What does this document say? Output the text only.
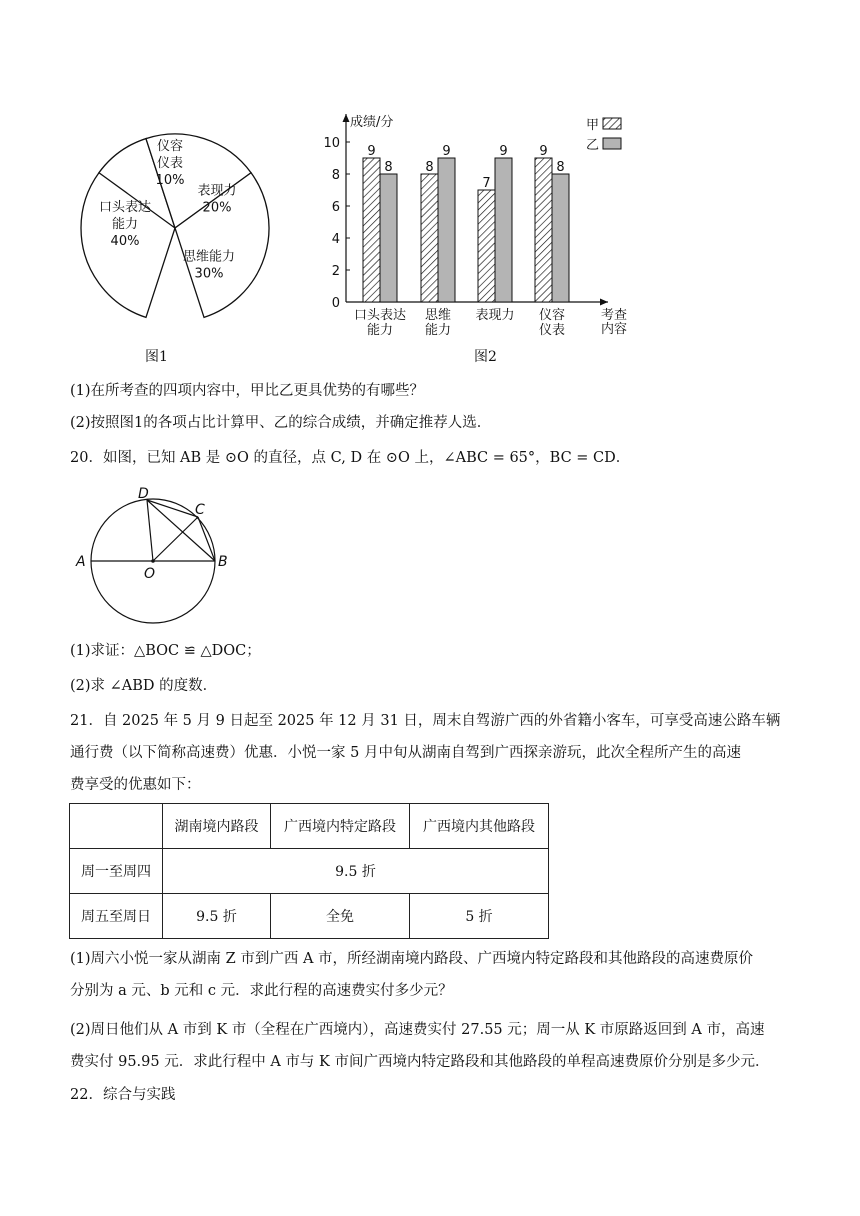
口头表达
能力
40%
仪容
仪表
10%
表现力
20%
思维能力
30%
图1
0
2
4
6
8
10
成绩/分
9
8
口头表达
能力
8
9
思维
能力
7
9
表现力
9
8
仪容
仪表
考查
内容
甲
乙
图2
(1)在所考查的四项内容中，甲比乙更具优势的有哪些？
(2)按照图1的各项占比计算甲、乙的综合成绩，并确定推荐人选．
20．如图，已知 AB 是 ⊙O 的直径，点 C, D 在 ⊙O 上，∠ABC = 65°，BC = CD．
A	B
C
D
O
(1)求证：△BOC ≌ △DOC；
(2)求 ∠ABD 的度数．
21．自 2025 年 5 月 9 日起至 2025 年 12 月 31 日，周末自驾游广西的外省籍小客车，可享受高速公路车辆
通行费（以下简称高速费）优惠．小悦一家 5 月中旬从湖南自驾到广西探亲游玩，此次全程所产生的高速
费享受的优惠如下：
	湖南境内路段	广西境内特定路段	广西境内其他路段
周一至周四	9.5 折		
周五至周日	9.5 折	全免	5 折
(1)周六小悦一家从湖南 Z 市到广西 A 市，所经湖南境内路段、广西境内特定路段和其他路段的高速费原价
分别为 a 元、b 元和 c 元．求此行程的高速费实付多少元？
(2)周日他们从 A 市到 K 市（全程在广西境内），高速费实付 27.55 元；周一从 K 市原路返回到 A 市，高速
费实付 95.95 元．求此行程中 A 市与 K 市间广西境内特定路段和其他路段的单程高速费原价分别是多少元．
22．综合与实践
